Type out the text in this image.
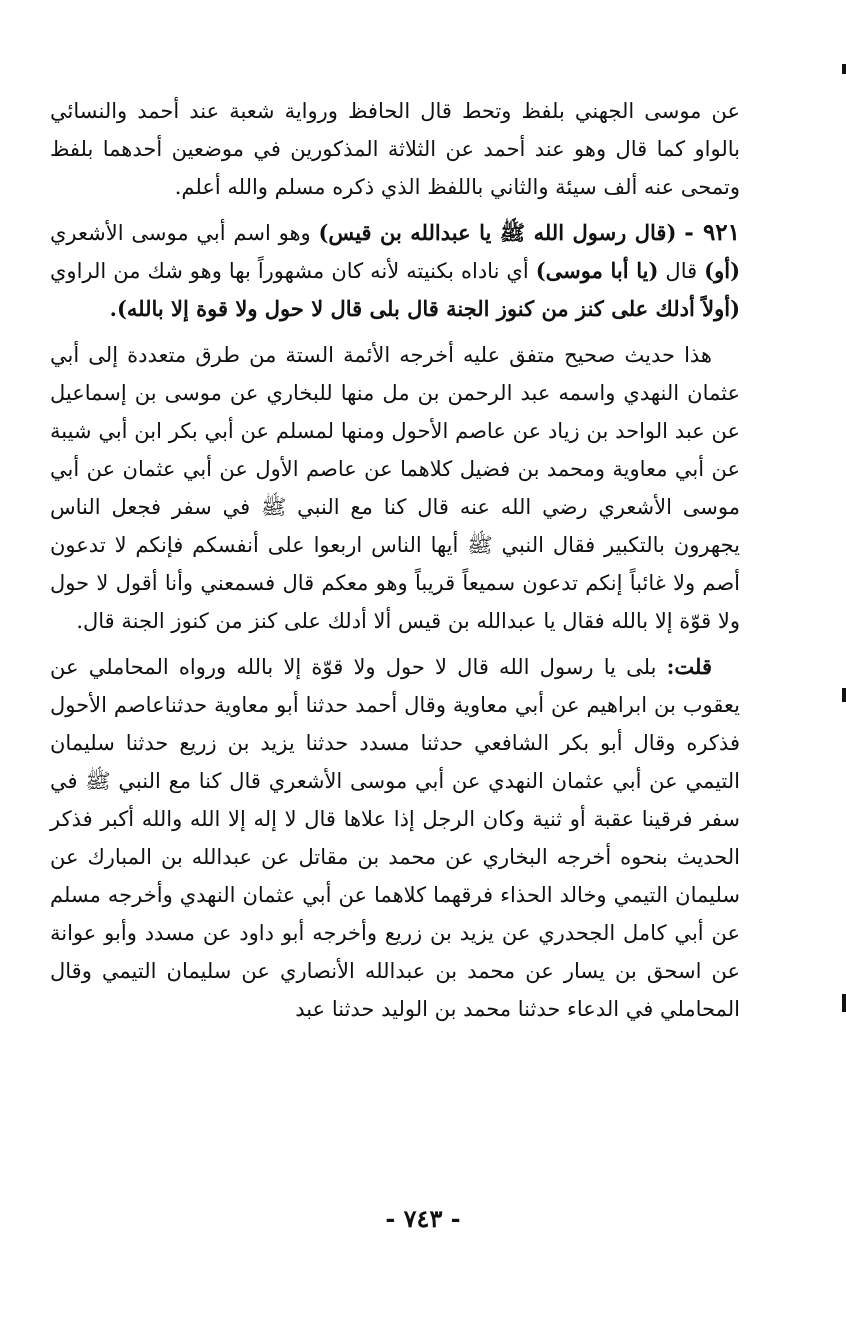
عن موسى الجهني بلفظ وتحط قال الحافظ ورواية شعبة عند أحمد والنسائي بالواو كما قال وهو عند أحمد عن الثلاثة المذكورين في موضعين أحدهما بلفظ وتمحى عنه ألف سيئة والثاني باللفظ الذي ذكره مسلم والله أعلم.

٩٢١ - (قال رسول الله ﷺ يا عبدالله بن قيس) وهو اسم أبي موسى الأشعري (أو) قال (يا أبا موسى) أي ناداه بكنيته لأنه كان مشهوراً بها وهو شك من الراوي (أولاً أدلك على كنز من كنوز الجنة قال بلى قال لا حول ولا قوة إلا بالله).

هذا حديث صحيح متفق عليه أخرجه الأئمة الستة من طرق متعددة إلى أبي عثمان النهدي واسمه عبد الرحمن بن مل منها للبخاري عن موسى بن إسماعيل عن عبد الواحد بن زياد عن عاصم الأحول ومنها لمسلم عن أبي بكر ابن أبي شيبة عن أبي معاوية ومحمد بن فضيل كلاهما عن عاصم الأول عن أبي عثمان عن أبي موسى الأشعري رضي الله عنه قال كنا مع النبي ﷺ في سفر فجعل الناس يجهرون بالتكبير فقال النبي ﷺ أيها الناس اربعوا على أنفسكم فإنكم لا تدعون أصم ولا غائباً إنكم تدعون سميعاً قريباً وهو معكم قال فسمعني وأنا أقول لا حول ولا قوّة إلا بالله فقال يا عبدالله بن قيس ألا أدلك على كنز من كنوز الجنة قال.

قلت: بلى يا رسول الله قال لا حول ولا قوّة إلا بالله ورواه المحاملي عن يعقوب بن ابراهيم عن أبي معاوية وقال أحمد حدثنا أبو معاوية حدثناعاصم الأحول فذكره وقال أبو بكر الشافعي حدثنا مسدد حدثنا يزيد بن زريع حدثنا سليمان التيمي عن أبي عثمان النهدي عن أبي موسى الأشعري قال كنا مع النبي ﷺ في سفر فرقينا عقبة أو ثنية وكان الرجل إذا علاها قال لا إله إلا الله والله أكبر فذكر الحديث بنحوه أخرجه البخاري عن محمد بن مقاتل عن عبدالله بن المبارك عن سليمان التيمي وخالد الحذاء فرقهما كلاهما عن أبي عثمان النهدي وأخرجه مسلم عن أبي كامل الجحدري عن يزيد بن زريع وأخرجه أبو داود عن مسدد وأبو عوانة عن اسحق بن يسار عن محمد بن عبدالله الأنصاري عن سليمان التيمي وقال المحاملي في الدعاء حدثنا محمد بن الوليد حدثنا عبد

- ٧٤٣ -
